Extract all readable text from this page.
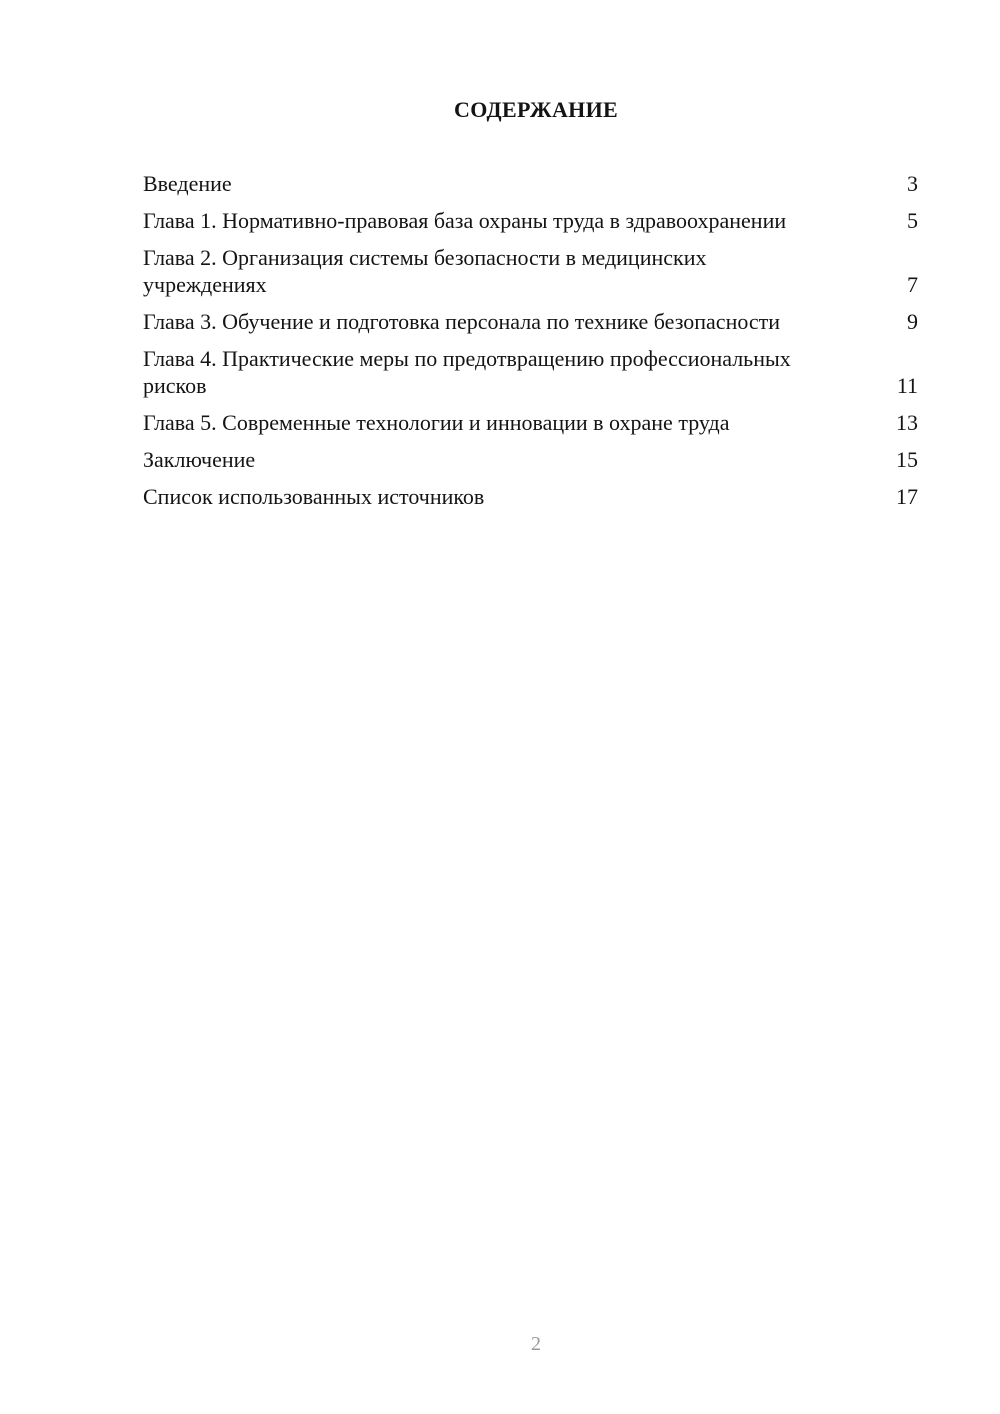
СОДЕРЖАНИЕ
Введение	3
Глава 1. Нормативно-правовая база охраны труда в здравоохранении	5
Глава 2. Организация системы безопасности в медицинских учреждениях	7
Глава 3. Обучение и подготовка персонала по технике безопасности	9
Глава 4. Практические меры по предотвращению профессиональных рисков	11
Глава 5. Современные технологии и инновации в охране труда	13
Заключение	15
Список использованных источников	17
2
